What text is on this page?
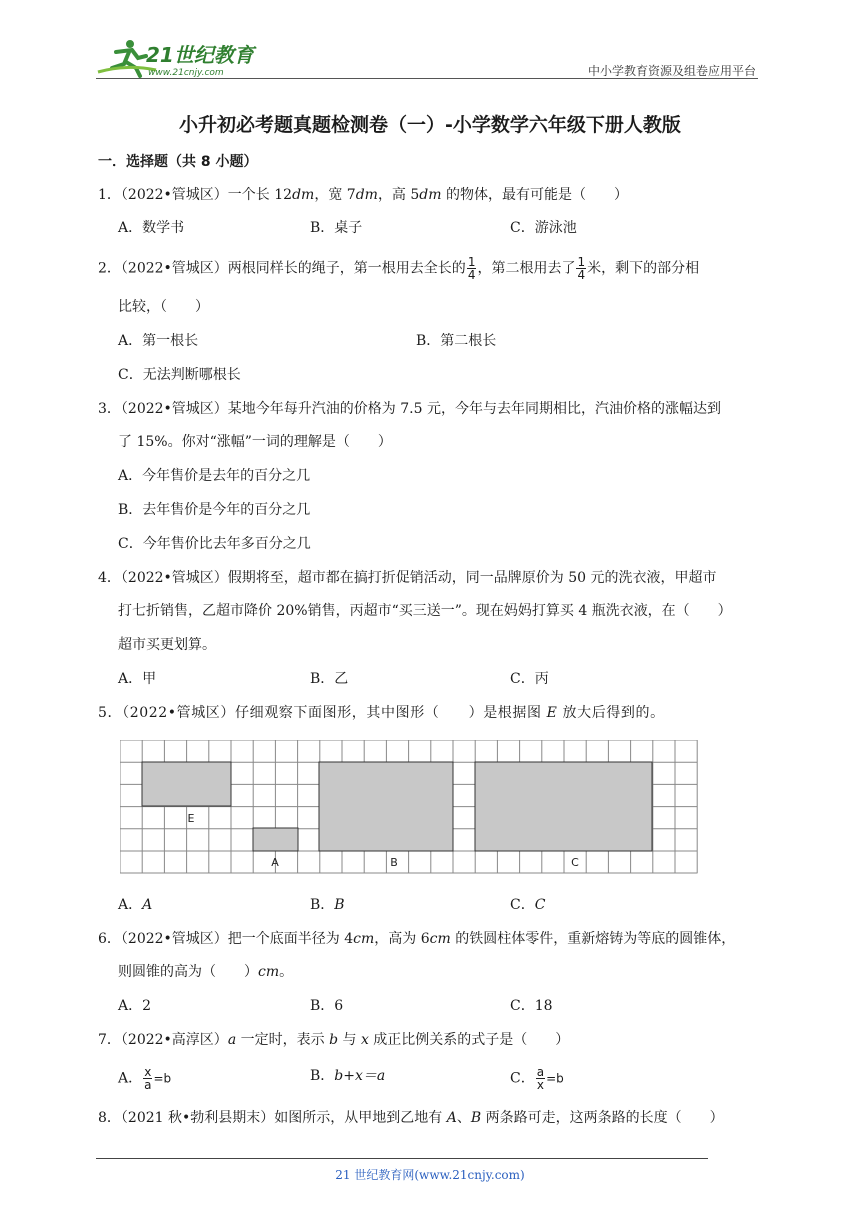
21世纪教育
www.21cnjy.com	中小学教育资源及组卷应用平台
小升初必考题真题检测卷（一）-小学数学六年级下册人教版
一．选择题（共 8 小题）
1．（2022•管城区）一个长 12dm，宽 7dm，高 5dm 的物体，最有可能是（　　）
A．数学书	B．桌子	C．游泳池
2．（2022•管城区）两根同样长的绳子，第一根用去全长的 $\frac{1}{4}$ ，第二根用去了 $\frac{1}{4}$ 米，剩下的部分相
比较，（　　）
A．第一根长	B．第二根长
C．无法判断哪根长
3．（2022•管城区）某地今年每升汽油的价格为 7.5 元，今年与去年同期相比，汽油价格的涨幅达到
了 15%。你对“涨幅”一词的理解是（　　）
A．今年售价是去年的百分之几
B．去年售价是今年的百分之几
C．今年售价比去年多百分之几
4．（2022•管城区）假期将至，超市都在搞打折促销活动，同一品牌原价为 50 元的洗衣液，甲超市
打七折销售，乙超市降价 20%销售，丙超市“买三送一”。现在妈妈打算买 4 瓶洗衣液，在（　　）
超市买更划算。
A．甲	B．乙	C．丙
5．（2022•管城区）仔细观察下面图形，其中图形（　　）是根据图 E 放大后得到的。
E
A	B	C
A．A	B．B	C．C
6．（2022•管城区）把一个底面半径为 4cm，高为 6cm 的铁圆柱体零件，重新熔铸为等底的圆锥体，
则圆锥的高为（　　）cm。
A．2	B．6	C．18
7．（2022•高淳区）a 一定时，表示 b 与 x 成正比例关系的式子是（　　）
A． $\frac{x}{a} =b$	B．b+x＝a	C． $\frac{a}{x} =b$
8．（2021 秋•勃利县期末）如图所示，从甲地到乙地有 A、B 两条路可走，这两条路的长度（　　）
21 世纪教育网(www.21cnjy.com)
